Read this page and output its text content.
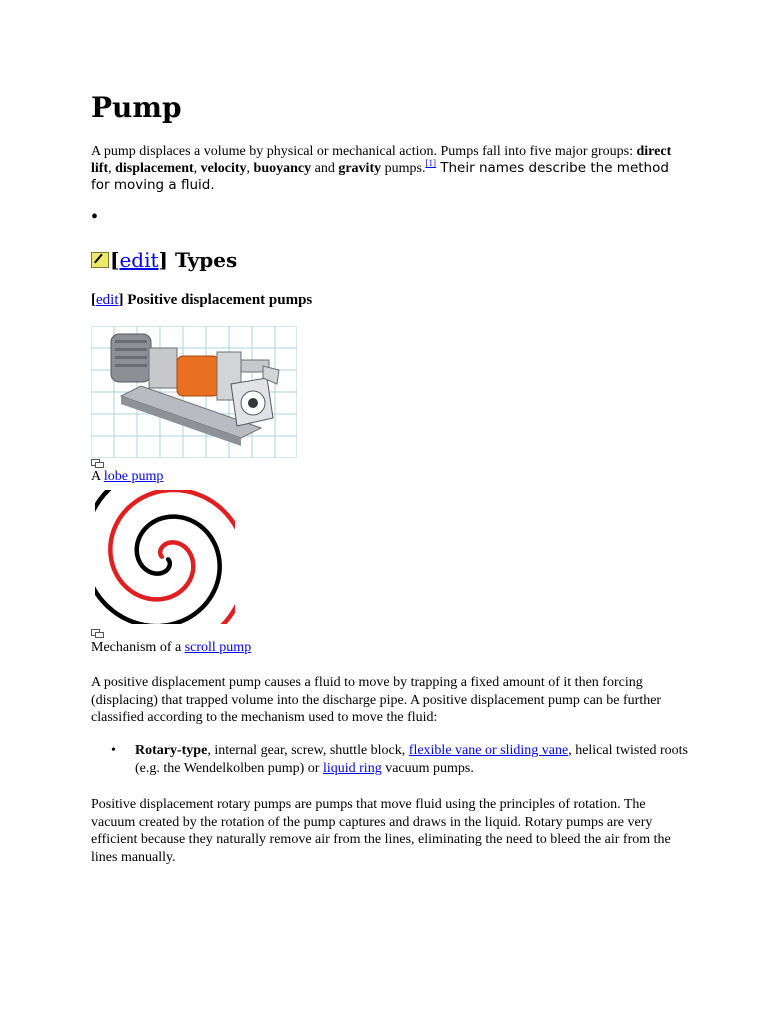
Pump
A pump displaces a volume by physical or mechanical action. Pumps fall into five major groups: direct lift, displacement, velocity, buoyancy and gravity pumps.[1] Their names describe the method for moving a fluid.
•
[edit] Types
[edit] Positive displacement pumps
A lobe pump
Mechanism of a scroll pump
A positive displacement pump causes a fluid to move by trapping a fixed amount of it then forcing (displacing) that trapped volume into the discharge pipe. A positive displacement pump can be further classified according to the mechanism used to move the fluid:
• Rotary-type, internal gear, screw, shuttle block, flexible vane or sliding vane, helical twisted roots (e.g. the Wendelkolben pump) or liquid ring vacuum pumps.
Positive displacement rotary pumps are pumps that move fluid using the principles of rotation. The vacuum created by the rotation of the pump captures and draws in the liquid. Rotary pumps are very efficient because they naturally remove air from the lines, eliminating the need to bleed the air from the lines manually.
